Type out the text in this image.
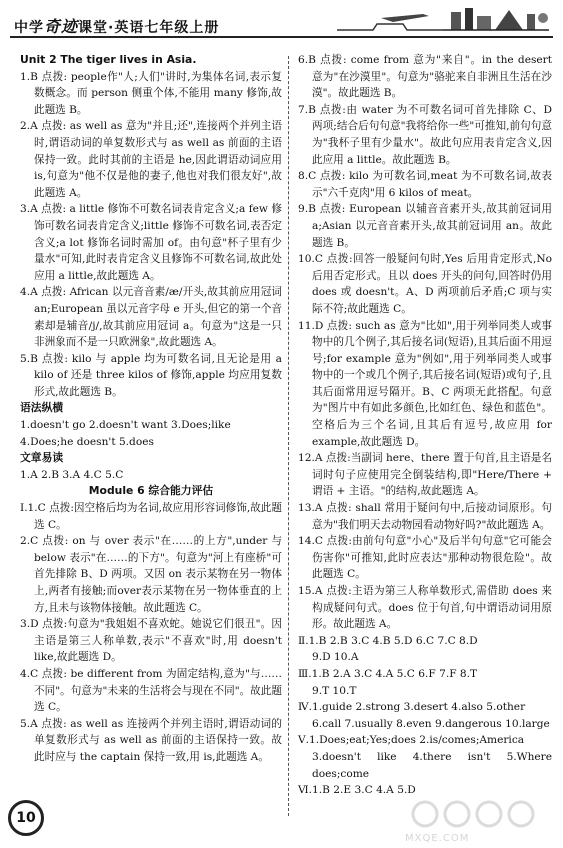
中学奇迹课堂·英语七年级上册

Unit 2 The tiger lives in Asia.

1.B 点拨: people作"人;人们"讲时,为集体名词,表示复数概念。而 person 侧重个体,不能用 many 修饰,故此题选 B。

2.A 点拨: as well as 意为"并且;还",连接两个并列主语时,谓语动词的单复数形式与 as well as 前面的主语保持一致。此时其前的主语是 he,因此谓语动词应用 is,句意为"他不仅是他的妻子,他也对我们很友好",故此题选 A。

3.A 点拨: a little 修饰不可数名词表肯定含义;a few 修饰可数名词表肯定含义;little 修饰不可数名词,表否定含义;a lot 修饰名词时需加 of。由句意"杯子里有少量水"可知,此时表肯定含义且修饰不可数名词,故此处应用 a little,故此题选 A。

4.A 点拨: African 以元音音素/æ/开头,故其前应用冠词 an;European 虽以元音字母 e 开头,但它的第一个音素却是辅音/j/,故其前应用冠词 a。句意为"这是一只非洲象而不是一只欧洲象",故此题选 A。

5.B 点拨: kilo 与 apple 均为可数名词,且无论是用 a kilo of 还是 three kilos of 修饰,apple 均应用复数形式,故此题选 B。

语法纵横

1.doesn't go 2.doesn't want 3.Does;like

4.Does;he doesn't 5.does

文章易读

1.A 2.B 3.A 4.C 5.C

Module 6 综合能力评估

Ⅰ.1.C 点拨:因空格后均为名词,故应用形容词修饰,故此题选 C。

2.C 点拨: on 与 over 表示"在……的上方",under 与 below 表示"在……的下方"。句意为"河上有座桥"可首先排除 B、D 两项。又因 on 表示某物在另一物体上,两者有接触;而over表示某物在另一物体垂直的上方,且未与该物体接触。故此题选 C。

3.D 点拨:句意为"我姐姐不喜欢蛇。她说它们很丑"。因主语是第三人称单数,表示"不喜欢"时,用 doesn't like,故此题选 D。

4.C 点拨: be different from 为固定结构,意为"与……不同"。句意为"未来的生活将会与现在不同"。故此题选 C。

5.A 点拨: as well as 连接两个并列主语时,谓语动词的单复数形式与 as well as 前面的主语保持一致。故此时应与 the captain 保持一致,用 is,此题选 A。

6.B 点拨: come from 意为"来自"。in the desert 意为"在沙漠里"。句意为"骆驼来自非洲且生活在沙漠"。故此题选 B。

7.B 点拨:由 water 为不可数名词可首先排除 C、D 两项;结合后句句意"我将给你一些"可推知,前句句意为"我杯子里有少量水"。故此句应用表肯定含义,因此应用 a little。故此题选 B。

8.C 点拨: kilo 为可数名词,meat 为不可数名词,故表示"六千克肉"用 6 kilos of meat。

9.B 点拨: European 以辅音音素开头,故其前冠词用 a;Asian 以元音音素开头,故其前冠词用 an。故此题选 B。

10.C 点拨:回答一般疑问句时,Yes 后用肯定形式,No 后用否定形式。且以 does 开头的问句,回答时仍用 does 或 doesn't。A、D 两项前后矛盾;C 项与实际不符;故此题选 C。

11.D 点拨: such as 意为"比如",用于列举同类人或事物中的几个例子,其后接名词(短语),且其后面不用逗号;for example 意为"例如",用于列举同类人或事物中的一个或几个例子,其后接名词(短语)或句子,且其后面常用逗号隔开。B、C 两项无此搭配。句意为"图片中有如此多颜色,比如红色、绿色和蓝色"。空格后为三个名词,且其后有逗号,故应用 for example,故此题选 D。

12.A 点拨:当副词 here、there 置于句首,且主语是名词时句子应使用完全倒装结构,即"Here/There + 谓语 + 主语。"的结构,故此题选 A。

13.A 点拨: shall 常用于疑问句中,后接动词原形。句意为"我们明天去动物园看动物好吗?"故此题选 A。

14.C 点拨:由前句句意"小心"及后半句句意"它可能会伤害你"可推知,此时应表达"那种动物很危险"。故此题选 C。

15.A 点拨:主语为第三人称单数形式,需借助 does 来构成疑问句式。does 位于句首,句中谓语动词用原形。故此题选 A。

Ⅱ.1.B 2.B 3.C 4.B 5.D 6.C 7.C 8.D

9.D 10.A

Ⅲ.1.B 2.A 3.C 4.A 5.C 6.F 7.F 8.T

9.T 10.T

Ⅳ.1.guide 2.strong 3.desert 4.also 5.other

6.call 7.usually 8.even 9.dangerous 10.large

Ⅴ.1.Does;eat;Yes;does 2.is/comes;America

3.doesn't like 4.there isn't 5.Where does;come

Ⅵ.1.B 2.E 3.C 4.A 5.D

10
MXQE.COM
